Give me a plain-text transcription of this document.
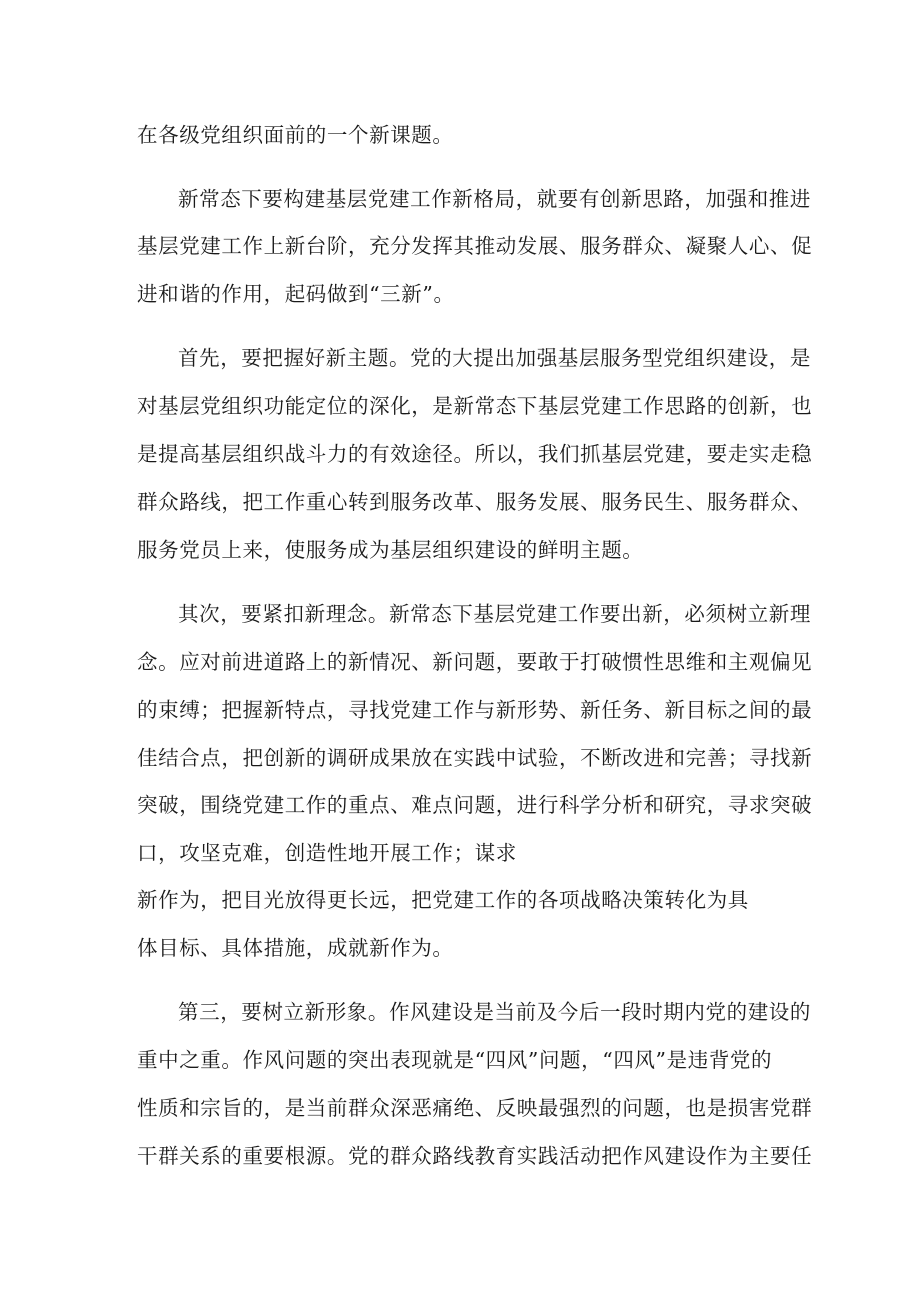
在各级党组织面前的一个新课题。
新常态下要构建基层党建工作新格局，就要有创新思路，加强和推进
基层党建工作上新台阶，充分发挥其推动发展、服务群众、凝聚人心、促
进和谐的作用，起码做到“三新”。
首先，要把握好新主题。党的大提出加强基层服务型党组织建设，是
对基层党组织功能定位的深化，是新常态下基层党建工作思路的创新，也
是提高基层组织战斗力的有效途径。所以，我们抓基层党建，要走实走稳
群众路线，把工作重心转到服务改革、服务发展、服务民生、服务群众、
服务党员上来，使服务成为基层组织建设的鲜明主题。
其次，要紧扣新理念。新常态下基层党建工作要出新，必须树立新理
念。应对前进道路上的新情况、新问题，要敢于打破惯性思维和主观偏见
的束缚；把握新特点，寻找党建工作与新形势、新任务、新目标之间的最
佳结合点，把创新的调研成果放在实践中试验，不断改进和完善；寻找新
突破，围绕党建工作的重点、难点问题，进行科学分析和研究，寻求突破
口，攻坚克难，创造性地开展工作；谋求
新作为，把目光放得更长远，把党建工作的各项战略决策转化为具
体目标、具体措施，成就新作为。
第三，要树立新形象。作风建设是当前及今后一段时期内党的建设的
重中之重。作风问题的突出表现就是“四风”问题，“四风”是违背党的
性质和宗旨的，是当前群众深恶痛绝、反映最强烈的问题，也是损害党群
干群关系的重要根源。党的群众路线教育实践活动把作风建设作为主要任
